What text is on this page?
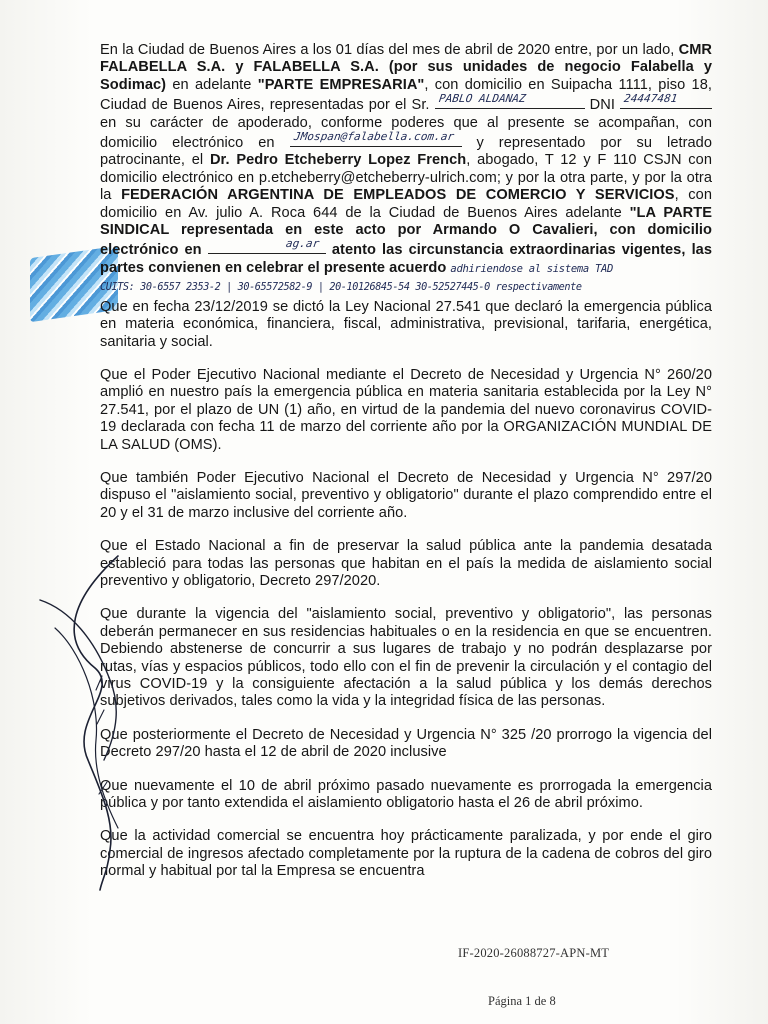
En la Ciudad de Buenos Aires a los 01 días del mes de abril de 2020 entre, por un lado, CMR FALABELLA S.A. y FALABELLA S.A. (por sus unidades de negocio Falabella y Sodimac) en adelante "PARTE EMPRESARIA", con domicilio en Suipacha 1111, piso 18, Ciudad de Buenos Aires, representadas por el Sr. PABLO ALDANAZ	DNI 24447481
en su carácter de apoderado, conforme poderes que al presente se acompañan, con domicilio electrónico en JMospan@falabella.com.ar y representado por su letrado patrocinante, el Dr. Pedro Etcheberry Lopez French, abogado, T 12 y F 110 CSJN con domicilio electrónico en p.etcheberry@etcheberry-ulrich.com; y por la otra parte, y por la otra la FEDERACIÓN ARGENTINA DE EMPLEADOS DE COMERCIO Y SERVICIOS, con domicilio en Av. julio A. Roca 644 de la Ciudad de Buenos Aires adelante "LA PARTE SINDICAL representada en este acto por Armando O Cavalieri, con domicilio electrónico en	ag.ar atento las circunstancia extraordinarias vigentes, las partes convienen en celebrar el presente acuerdo adhiriendose al sistema TAD

CUITS: 30-6557 2353-2 | 30-65572582-9 | 20-10126845-54 30-52527445-0 respectivamente

Que en fecha 23/12/2019 se dictó la Ley Nacional 27.541 que declaró la emergencia pública en materia económica, financiera, fiscal, administrativa, previsional, tarifaria, energética, sanitaria y social.

Que el Poder Ejecutivo Nacional mediante el Decreto de Necesidad y Urgencia N° 260/20 amplió en nuestro país la emergencia pública en materia sanitaria establecida por la Ley N° 27.541, por el plazo de UN (1) año, en virtud de la pandemia del nuevo coronavirus COVID-19 declarada con fecha 11 de marzo del corriente año por la ORGANIZACIÓN MUNDIAL DE LA SALUD (OMS).

Que también Poder Ejecutivo Nacional el Decreto de Necesidad y Urgencia N° 297/20 dispuso el "aislamiento social, preventivo y obligatorio" durante el plazo comprendido entre el 20 y el 31 de marzo inclusive del corriente año.

Que el Estado Nacional a fin de preservar la salud pública ante la pandemia desatada estableció para todas las personas que habitan en el país la medida de aislamiento social preventivo y obligatorio, Decreto 297/2020.

Que durante la vigencia del "aislamiento social, preventivo y obligatorio", las personas deberán permanecer en sus residencias habituales o en la residencia en que se encuentren. Debiendo abstenerse de concurrir a sus lugares de trabajo y no podrán desplazarse por rutas, vías y espacios públicos, todo ello con el fin de prevenir la circulación y el contagio del virus COVID-19 y la consiguiente afectación a la salud pública y los demás derechos subjetivos derivados, tales como la vida y la integridad física de las personas.

Que posteriormente el Decreto de Necesidad y Urgencia N° 325 /20 prorrogo la vigencia del Decreto 297/20 hasta el 12 de abril de 2020 inclusive

Que nuevamente el 10 de abril próximo pasado nuevamente es prorrogada la emergencia pública y por tanto extendida el aislamiento obligatorio hasta el 26 de abril próximo.

Que la actividad comercial se encuentra hoy prácticamente paralizada, y por ende el giro comercial de ingresos afectado completamente por la ruptura de la cadena de cobros del giro normal y habitual por tal la Empresa se encuentra

IF-2020-26088727-APN-MT
Página 1 de 8
